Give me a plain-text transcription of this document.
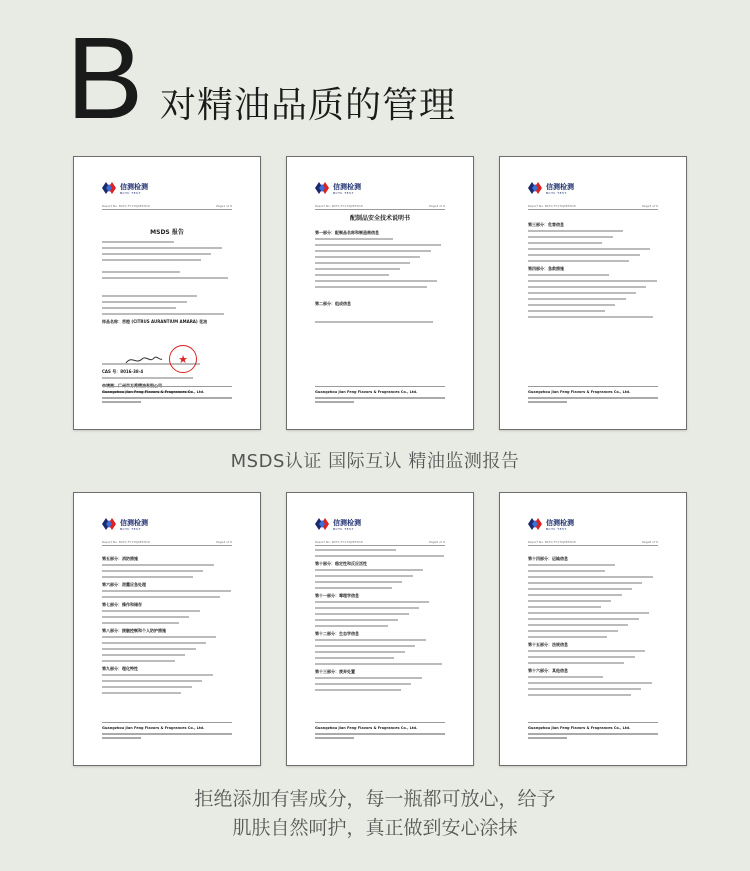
B 对精油品质的管理
信测检测
BCTC TEST
Report No. BCTC-FY170J0E53CD	Page1 of 6
MSDS 报告
样品名称：苦橙 (CITRUS AURANTIUM AMARA) 花油
CAS 号：8016-38-4
★
Guangzhou Jian Feng Flavors & Fragrances Co., Ltd.
信测检测
BCTC TEST
Report No. BCTC-FY170J0E53CD	Page2 of 6
配制品安全技术说明书
第一部分：配制品名称和制造商信息
第二部分：组成信息
Guangzhou Jian Feng Flavors & Fragrances Co., Ltd.
信测检测
BCTC TEST
Report No. BCTC-FY170J0E53CD	Page3 of 6
第三部分：危害信息
第四部分：急救措施
Guangzhou Jian Feng Flavors & Fragrances Co., Ltd.
信测检测
BCTC TEST
Report No. BCTC-FY170J0E53CD	Page4 of 6
第五部分：消防措施
第六部分：泄露应急处理
第七部分：操作和储存
第八部分：接触控制和个人防护措施
第九部分：理化特性
Guangzhou Jian Feng Flavors & Fragrances Co., Ltd.
信测检测
BCTC TEST
Report No. BCTC-FY170J0E53CD	Page5 of 6
第十部分：稳定性和反应活性
第十一部分：毒理学信息
第十二部分：生态学信息
第十三部分：废弃处置
Guangzhou Jian Feng Flavors & Fragrances Co., Ltd.
信测检测
BCTC TEST
Report No. BCTC-FY170J0E53CD	Page6 of 6
第十四部分：运输信息
第十五部分：法规信息
第十六部分：其他信息
Guangzhou Jian Feng Flavors & Fragrances Co., Ltd.
MSDS认证 国际互认 精油监测报告
拒绝添加有害成分，每一瓶都可放心，给予
肌肤自然呵护，真正做到安心涂抹
